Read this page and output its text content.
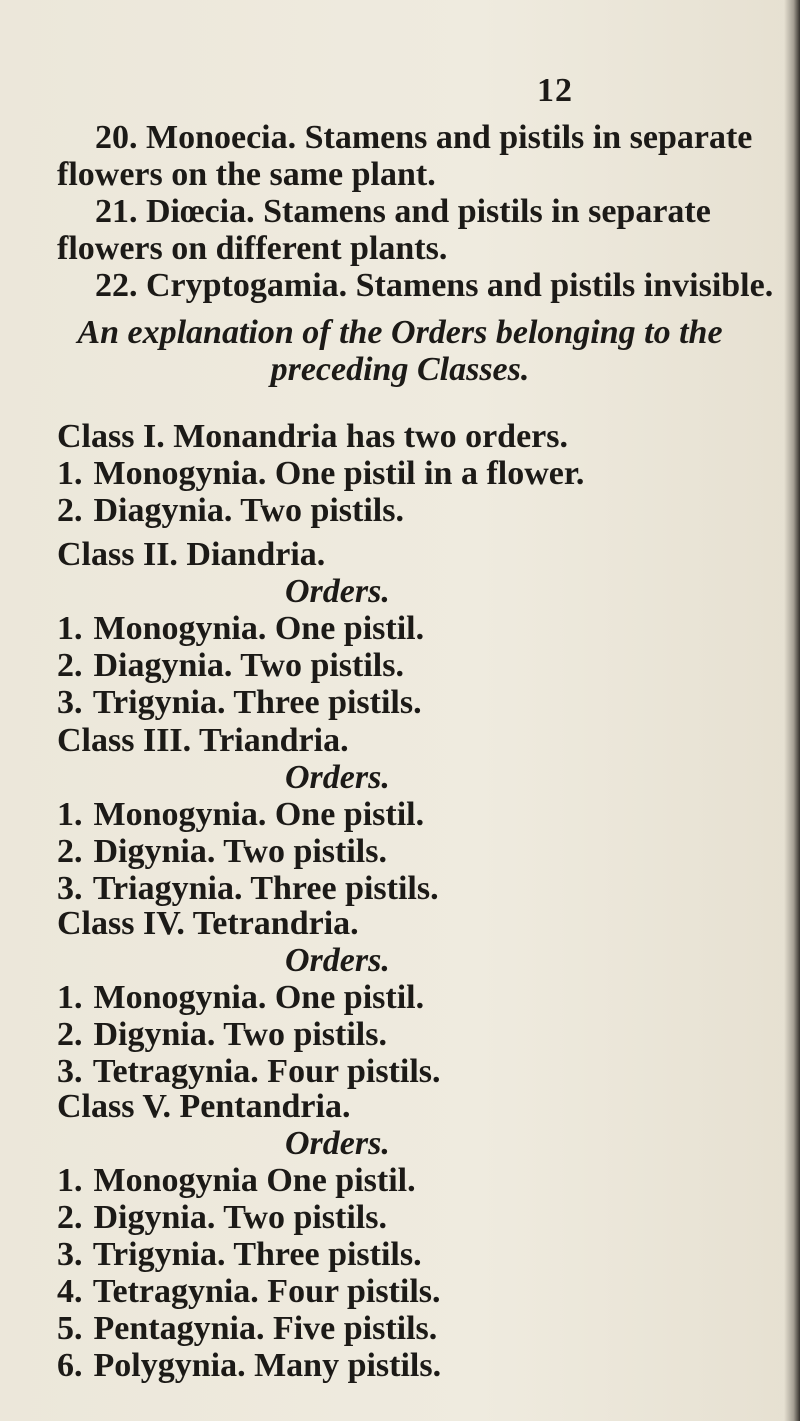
12
20. Monoecia. Stamens and pistils in separate
flowers on the same plant.
21. Diœcia. Stamens and pistils in separate
flowers on different plants.
22. Cryptogamia. Stamens and pistils invisible.
An explanation of the Orders belonging to the
preceding Classes.
Class I. Monandria has two orders.
1. Monogynia. One pistil in a flower.
2. Diagynia. Two pistils.
Class II. Diandria.
Orders.
1. Monogynia. One pistil.
2. Diagynia. Two pistils.
3. Trigynia. Three pistils.
Class III. Triandria.
Orders.
1. Monogynia. One pistil.
2. Digynia. Two pistils.
3. Triagynia. Three pistils.
Class IV. Tetrandria.
Orders.
1. Monogynia. One pistil.
2. Digynia. Two pistils.
3. Tetragynia. Four pistils.
Class V. Pentandria.
Orders.
1. Monogynia One pistil.
2. Digynia. Two pistils.
3. Trigynia. Three pistils.
4. Tetragynia. Four pistils.
5. Pentagynia. Five pistils.
6. Polygynia. Many pistils.
